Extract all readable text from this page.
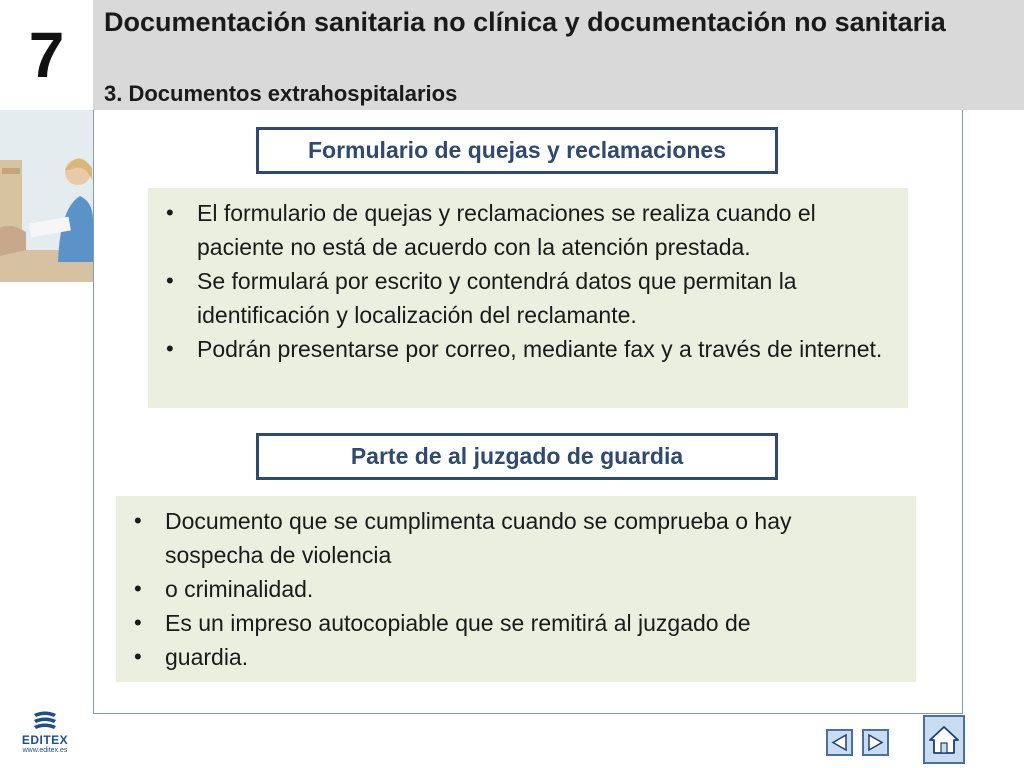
7 Documentación sanitaria no clínica y documentación no sanitaria
3. Documentos extrahospitalarios
Formulario de quejas y reclamaciones
• El formulario de quejas y reclamaciones se realiza cuando el paciente no está de acuerdo con la atención prestada.
• Se formulará por escrito y contendrá datos que permitan la identificación y localización del reclamante.
• Podrán presentarse por correo, mediante fax y a través de internet.
Parte de al juzgado de guardia
• Documento que se cumplimenta cuando se comprueba o hay sospecha de violencia
• o criminalidad.
• Es un impreso autocopiable que se remitirá al juzgado de
• guardia.
EDITEX
www.editex.es
